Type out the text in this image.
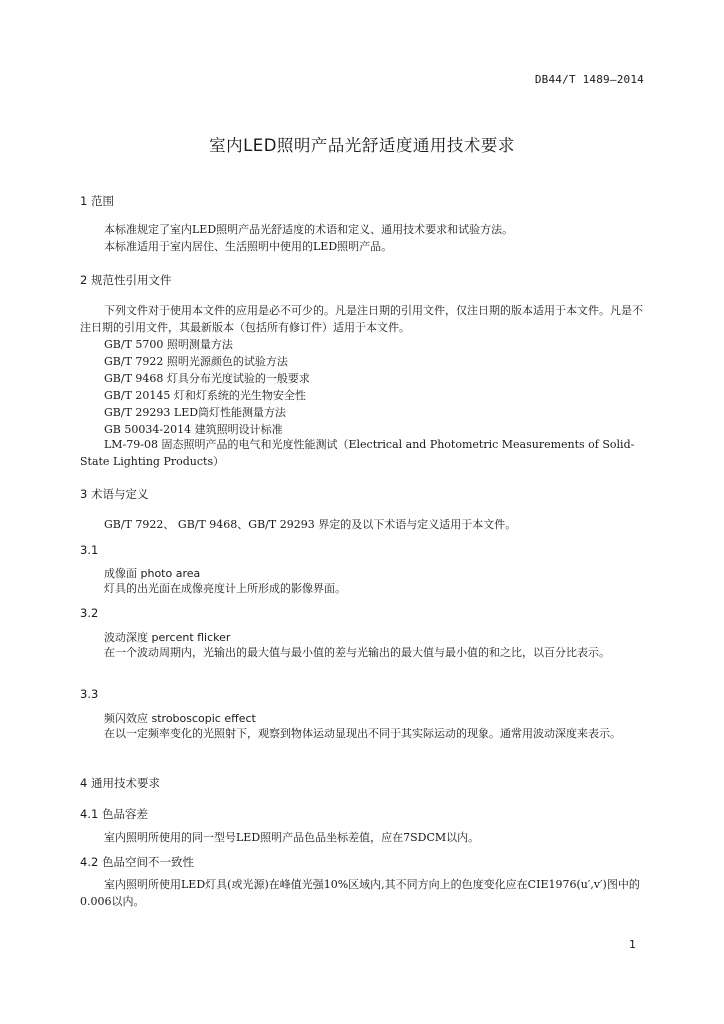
DB44/T 1489—2014
室内LED照明产品光舒适度通用技术要求
1 范围
本标准规定了室内LED照明产品光舒适度的术语和定义、通用技术要求和试验方法。
本标准适用于室内居住、生活照明中使用的LED照明产品。
2 规范性引用文件
下列文件对于使用本文件的应用是必不可少的。凡是注日期的引用文件，仅注日期的版本适用于本文件。凡是不注日期的引用文件，其最新版本（包括所有修订件）适用于本文件。
GB/T 5700 照明测量方法
GB/T 7922 照明光源颜色的试验方法
GB/T 9468 灯具分布光度试验的一般要求
GB/T 20145 灯和灯系统的光生物安全性
GB/T 29293 LED筒灯性能测量方法
GB 50034-2014 建筑照明设计标准
LM-79-08 固态照明产品的电气和光度性能测试（Electrical and Photometric Measurements of Solid-State Lighting Products）
3 术语与定义
GB/T 7922、 GB/T 9468、GB/T 29293 界定的及以下术语与定义适用于本文件。
3.1
成像面 photo area
灯具的出光面在成像亮度计上所形成的影像界面。
3.2
波动深度 percent flicker
在一个波动周期内，光输出的最大值与最小值的差与光输出的最大值与最小值的和之比，以百分比表示。
3.3
频闪效应 stroboscopic effect
在以一定频率变化的光照射下，观察到物体运动显现出不同于其实际运动的现象。通常用波动深度来表示。
4 通用技术要求
4.1 色品容差
室内照明所使用的同一型号LED照明产品色品坐标差值，应在7SDCM以内。
4.2 色品空间不一致性
室内照明所使用LED灯具(或光源)在峰值光强10%区域内,其不同方向上的色度变化应在CIE1976(u′,v′)图中的0.006以内。
1
